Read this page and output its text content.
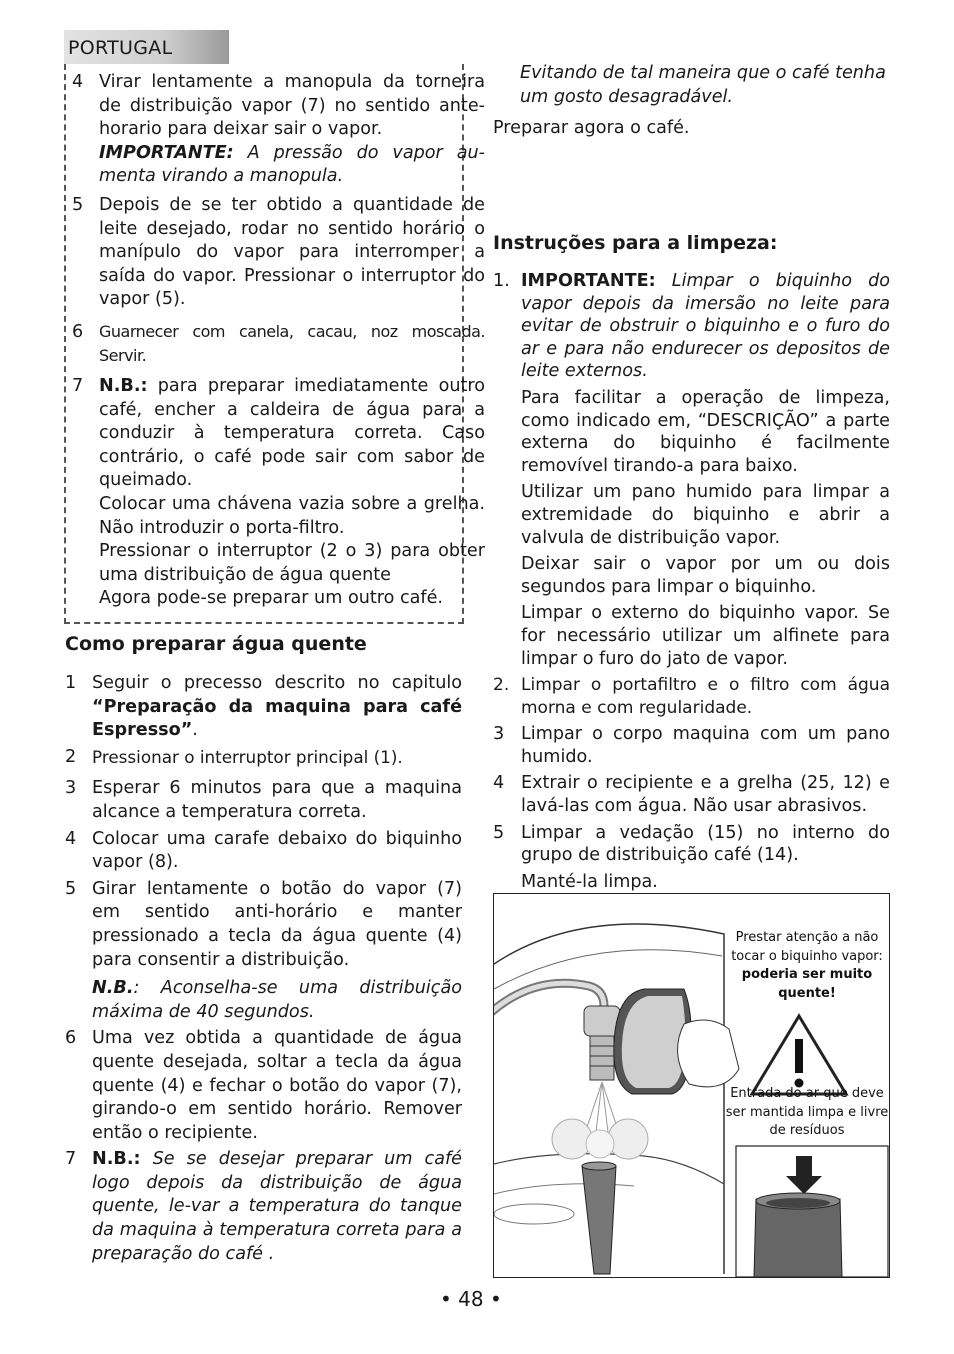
PORTUGAL
4 Virar lentamente a manopula da torneira de distribuição vapor (7) no sentido ante-horario para deixar sair o vapor.
IMPORTANTE: A pressão do vapor au-menta virando a manopula.
5 Depois de se ter obtido a quantidade de leite desejado, rodar no sentido horário o manípulo do vapor para interromper a saída do vapor. Pressionar o interruptor do vapor (5).
6 Guarnecer com canela, cacau, noz moscada. Servir.
7 N.B.: para preparar imediatamente outro café, encher a caldeira de água para a conduzir à temperatura correta. Caso contrário, o café pode sair com sabor de queimado.

Colocar uma chávena vazia sobre a grelha. Não introduzir o porta-filtro.

Pressionar o interruptor (2 o 3) para obter uma distribuição de água quente

Agora pode-se preparar um outro café.

Como preparar água quente
1 Seguir o precesso descrito no capitulo “Preparação da maquina para café Espresso”.
2 Pressionar o interruptor principal (1).
3 Esperar 6 minutos para que a maquina alcance a temperatura correta.
4 Colocar uma carafe debaixo do biquinho vapor (8).
5 Girar lentamente o botão do vapor (7) em sentido anti-horário e manter pressionado a tecla da água quente (4) para consentir a distribuição.

N.B.: Aconselha-se uma distribuição máxima de 40 segundos.

6 Uma vez obtida a quantidade de água quente desejada, soltar a tecla da água quente (4) e fechar o botão do vapor (7), girando-o em sentido horário. Remover então o recipiente.
7 N.B.: Se se desejar preparar um café logo depois da distribuição de água quente, le-var a temperatura do tanque da maquina à temperatura correta para a preparação do café .
Evitando de tal maneira que o café tenha um gosto desagradável.
Preparar agora o café.
Instruções para a limpeza:
1. IMPORTANTE: Limpar o biquinho do vapor depois da imersão no leite para evitar de obstruir o biquinho e o furo do ar e para não endurecer os depositos de leite externos.

Para facilitar a operação de limpeza, como indicado em, “DESCRIÇÃO” a parte externa do biquinho é facilmente removível tirando-a para baixo.

Utilizar um pano humido para limpar a extremidade do biquinho e abrir a valvula de distribuição vapor.

Deixar sair o vapor por um ou dois segundos para limpar o biquinho.

Limpar o externo do biquinho vapor. Se for necessário utilizar um alfinete para limpar o furo do jato de vapor.

2. Limpar o portafiltro e o filtro com água morna e com regularidade.
3 Limpar o corpo maquina com um pano humido.
4 Extrair o recipiente e a grelha (25, 12) e lavá-las com água. Não usar abrasivos.
5 Limpar a vedação (15) no interno do grupo de distribuição café (14).

Manté-la limpa.

Prestar atenção a não tocar o biquinho vapor:
poderia ser muito quente!
Entrada do ar que deve ser mantida limpa e livre de resíduos
• 48 •
